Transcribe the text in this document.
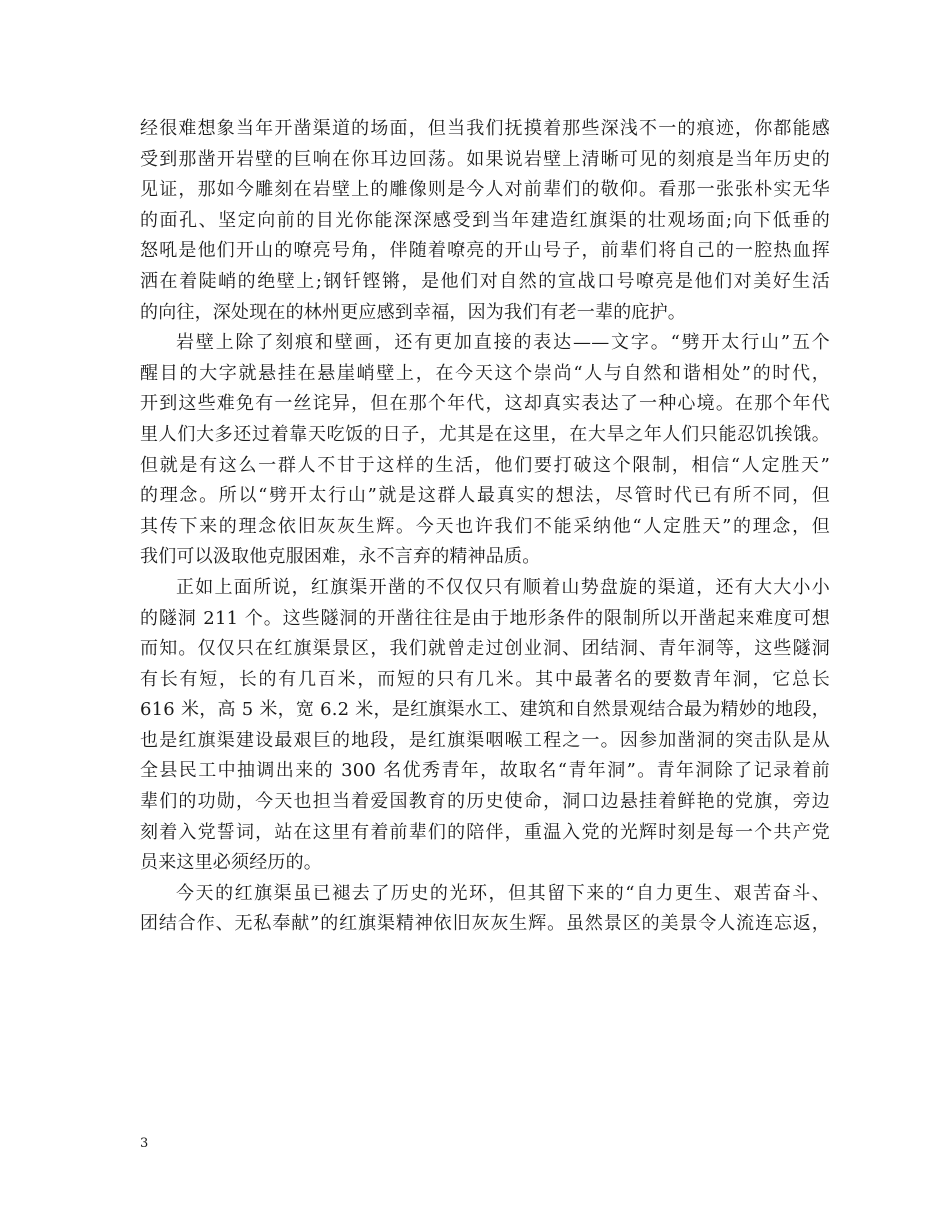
经很难想象当年开凿渠道的场面，但当我们抚摸着那些深浅不一的痕迹，你都能感
受到那凿开岩壁的巨响在你耳边回荡。如果说岩壁上清晰可见的刻痕是当年历史的
见证，那如今雕刻在岩壁上的雕像则是今人对前辈们的敬仰。看那一张张朴实无华
的面孔、坚定向前的目光你能深深感受到当年建造红旗渠的壮观场面;向下低垂的
怒吼是他们开山的嘹亮号角，伴随着嘹亮的开山号子，前辈们将自己的一腔热血挥
洒在着陡峭的绝壁上;钢钎铿锵，是他们对自然的宣战口号嘹亮是他们对美好生活
的向往，深处现在的林州更应感到幸福，因为我们有老一辈的庇护。
岩壁上除了刻痕和壁画，还有更加直接的表达——文字。“劈开太行山”五个
醒目的大字就悬挂在悬崖峭壁上，在今天这个崇尚“人与自然和谐相处”的时代，
开到这些难免有一丝诧异，但在那个年代，这却真实表达了一种心境。在那个年代
里人们大多还过着靠天吃饭的日子，尤其是在这里，在大旱之年人们只能忍饥挨饿。
但就是有这么一群人不甘于这样的生活，他们要打破这个限制，相信“人定胜天”
的理念。所以“劈开太行山”就是这群人最真实的想法，尽管时代已有所不同，但
其传下来的理念依旧灰灰生辉。今天也许我们不能采纳他“人定胜天”的理念，但
我们可以汲取他克服困难，永不言弃的精神品质。
正如上面所说，红旗渠开凿的不仅仅只有顺着山势盘旋的渠道，还有大大小小
的隧洞 211 个。这些隧洞的开凿往往是由于地形条件的限制所以开凿起来难度可想
而知。仅仅只在红旗渠景区，我们就曾走过创业洞、团结洞、青年洞等，这些隧洞
有长有短，长的有几百米，而短的只有几米。其中最著名的要数青年洞，它总长
616 米，高 5 米，宽 6.2 米，是红旗渠水工、建筑和自然景观结合最为精妙的地段，
也是红旗渠建设最艰巨的地段，是红旗渠咽喉工程之一。因参加凿洞的突击队是从
全县民工中抽调出来的 300 名优秀青年，故取名“青年洞”。青年洞除了记录着前
辈们的功勋，今天也担当着爱国教育的历史使命，洞口边悬挂着鲜艳的党旗，旁边
刻着入党誓词，站在这里有着前辈们的陪伴，重温入党的光辉时刻是每一个共产党
员来这里必须经历的。
今天的红旗渠虽已褪去了历史的光环，但其留下来的“自力更生、艰苦奋斗、
团结合作、无私奉献”的红旗渠精神依旧灰灰生辉。虽然景区的美景令人流连忘返，
3
